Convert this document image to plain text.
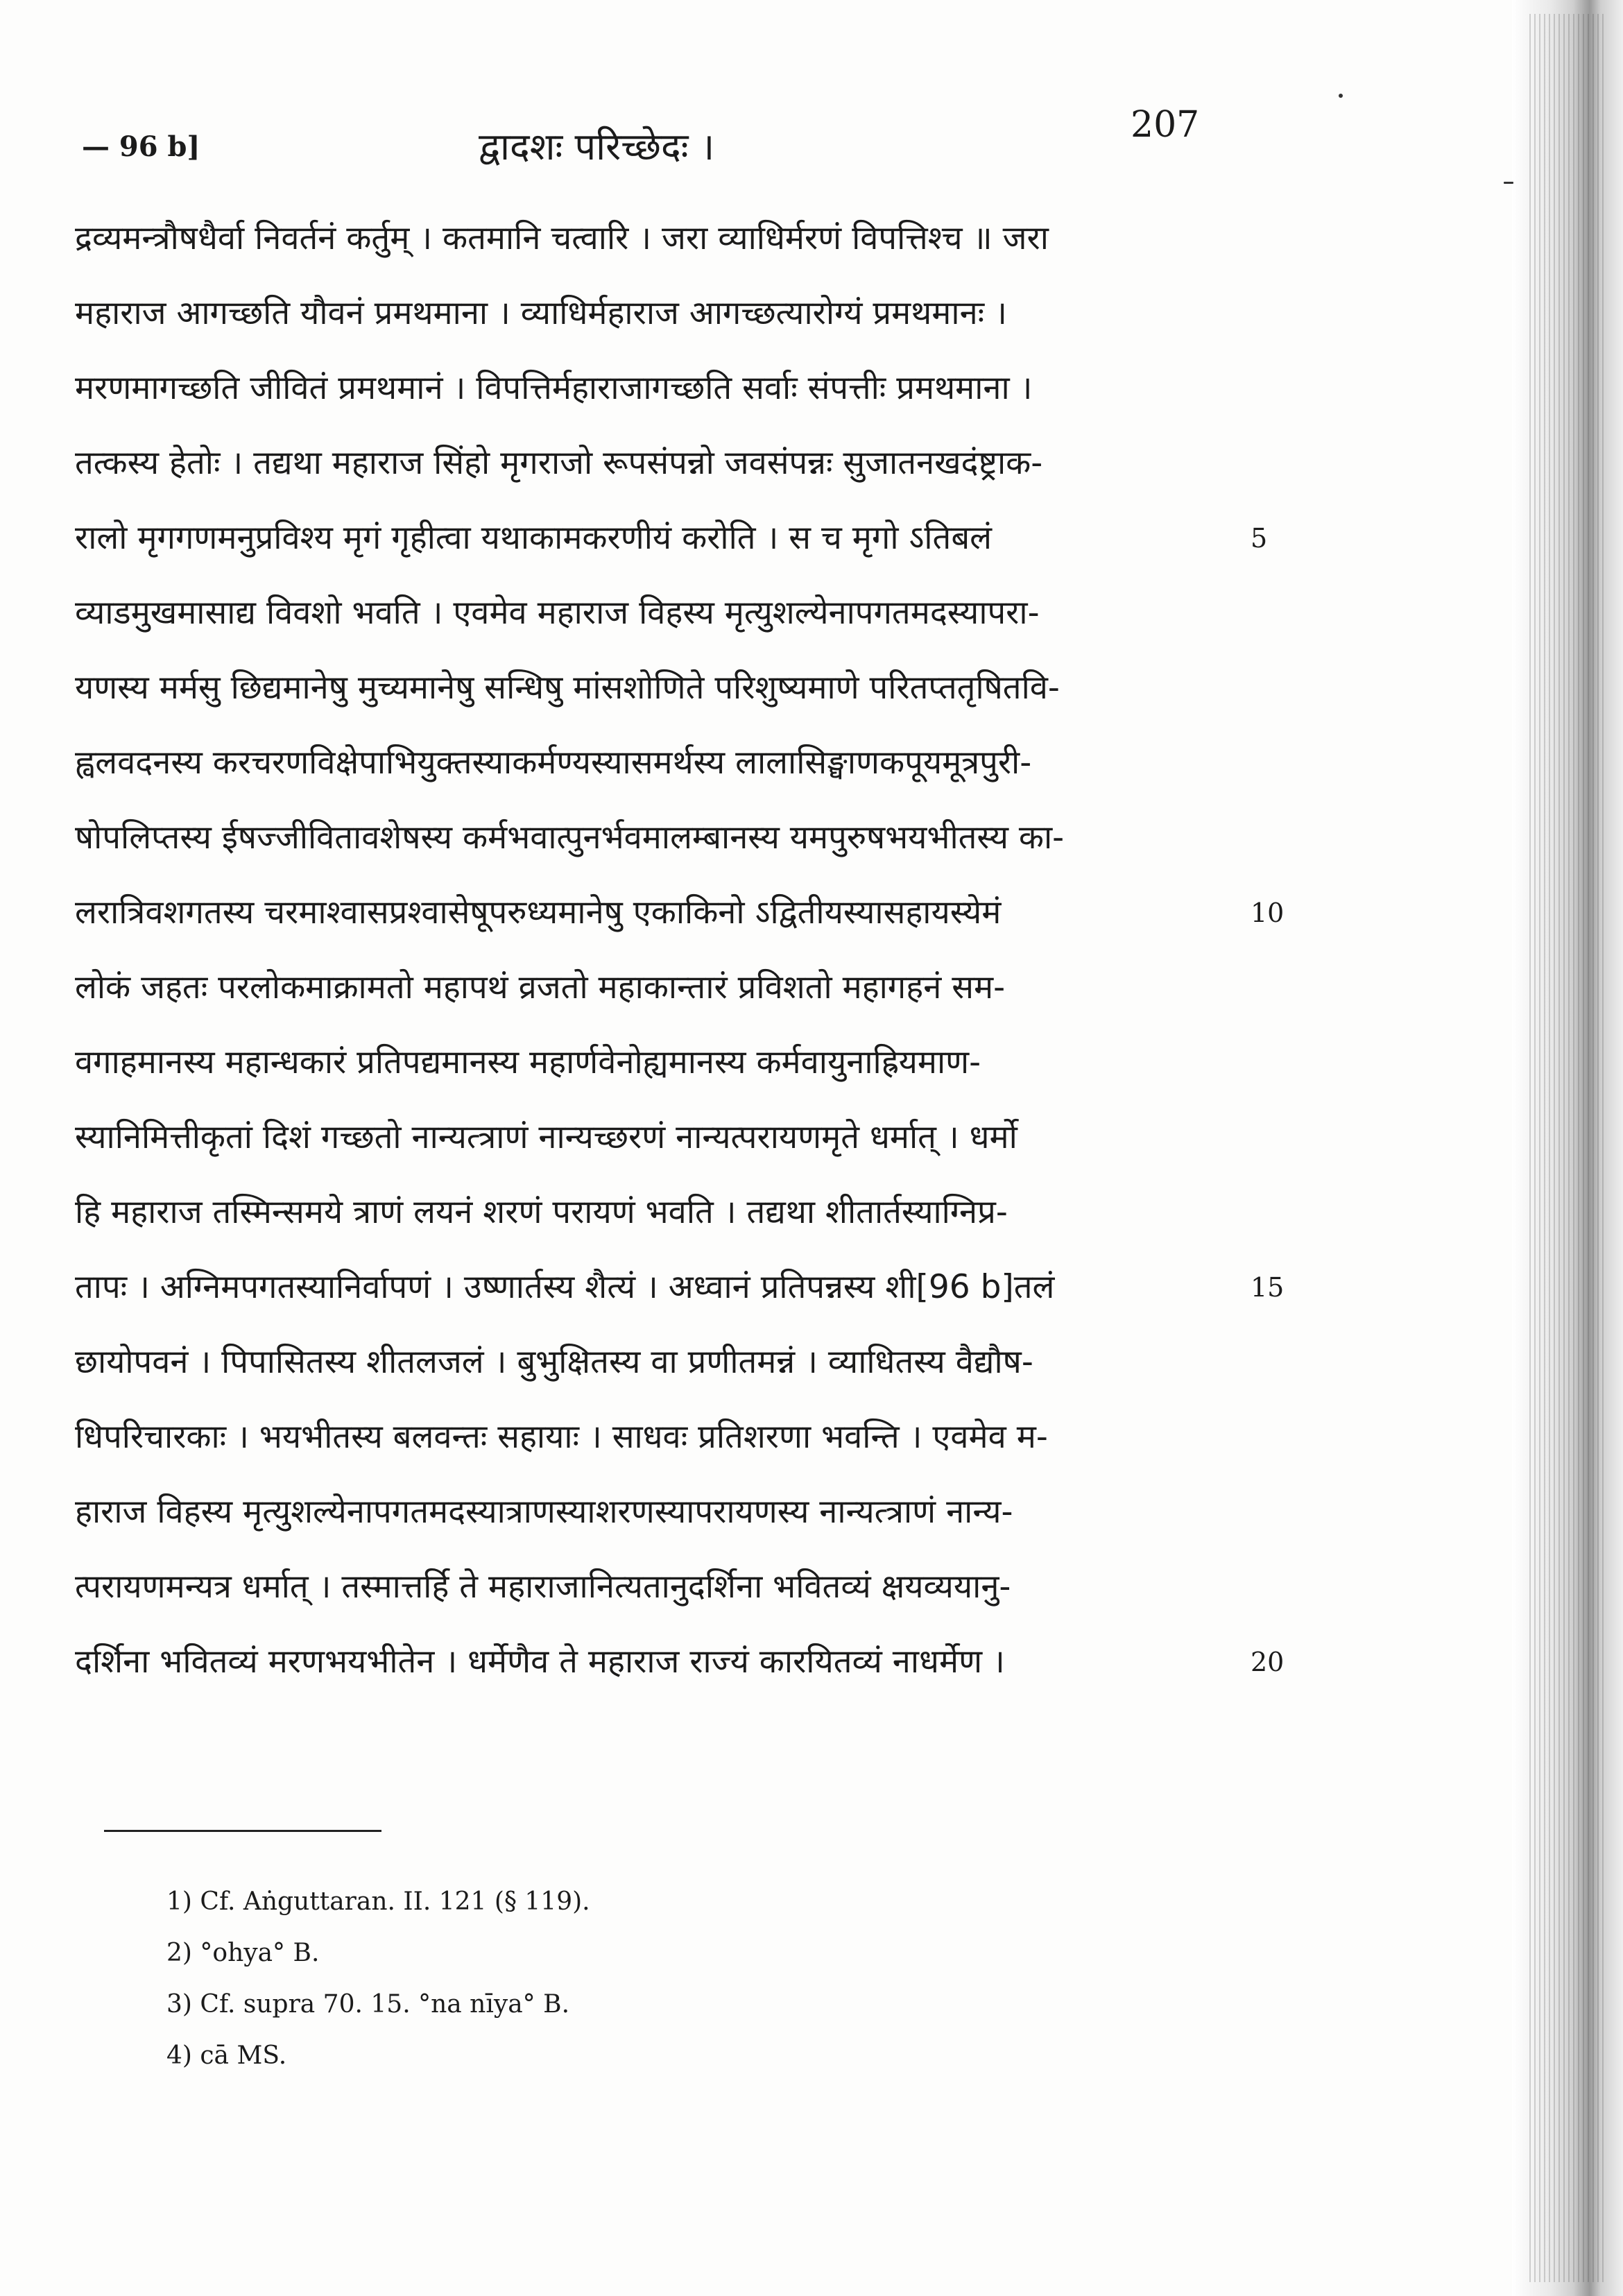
— 96 b]	द्वादशः परिच्छेदः ।	207
द्रव्यमन्त्रौषधैर्वा निवर्तनं कर्तुम् । कतमानि चत्वारि । जरा व्याधिर्मरणं विपत्तिश्च ॥ जरा
महाराज आगच्छति यौवनं प्रमथमाना । व्याधिर्महाराज आगच्छत्यारोग्यं प्रमथमानः ।
मरणमागच्छति जीवितं प्रमथमानं । विपत्तिर्महाराजागच्छति सर्वाः संपत्तीः प्रमथमाना ।
तत्कस्य हेतोः । तद्यथा महाराज सिंहो मृगराजो रूपसंपन्नो जवसंपन्नः सुजातनखदंष्ट्राक-
रालो मृगगणमनुप्रविश्य मृगं गृहीत्वा यथाकामकरणीयं करोति । स च मृगो ऽतिबलं	5
व्याडमुखमासाद्य विवशो भवति । एवमेव महाराज विहस्य मृत्युशल्येनापगतमदस्यापरा-
यणस्य मर्मसु छिद्यमानेषु मुच्यमानेषु सन्धिषु मांसशोणिते परिशुष्यमाणे परितप्ततृषितवि-
ह्वलवदनस्य करचरणविक्षेपाभियुक्तस्याकर्मण्यस्यासमर्थस्य लालासिङ्घाणकपूयमूत्रपुरी-
षोपलिप्तस्य ईषज्जीवितावशेषस्य कर्मभवात्पुनर्भवमालम्बानस्य यमपुरुषभयभीतस्य का-
लरात्रिवशगतस्य चरमाश्वासप्रश्वासेषूपरुध्यमानेषु एकाकिनो ऽद्वितीयस्यासहायस्येमं	10
लोकं जहतः परलोकमाक्रामतो महापथं व्रजतो महाकान्तारं प्रविशतो महागहनं सम-
वगाहमानस्य महान्धकारं प्रतिपद्यमानस्य महार्णवेनोह्यमानस्य कर्मवायुनाह्रियमाण-
स्यानिमित्तीकृतां दिशं गच्छतो नान्यत्त्राणं नान्यच्छरणं नान्यत्परायणमृते धर्मात् । धर्मो
हि महाराज तस्मिन्समये त्राणं लयनं शरणं परायणं भवति । तद्यथा शीतार्तस्याग्निप्र-
तापः । अग्निमपगतस्यानिर्वापणं । उष्णार्तस्य शैत्यं । अध्वानं प्रतिपन्नस्य शी[96 b]तलं	15
छायोपवनं । पिपासितस्य शीतलजलं । बुभुक्षितस्य वा प्रणीतमन्नं । व्याधितस्य वैद्यौष-
धिपरिचारकाः । भयभीतस्य बलवन्तः सहायाः । साधवः प्रतिशरणा भवन्ति । एवमेव म-
हाराज विहस्य मृत्युशल्येनापगतमदस्यात्राणस्याशरणस्यापरायणस्य नान्यत्त्राणं नान्य-
त्परायणमन्यत्र धर्मात् । तस्मात्तर्हि ते महाराजानित्यतानुदर्शिना भवितव्यं क्षयव्ययानु-
दर्शिना भवितव्यं मरणभयभीतेन । धर्मेणैव ते महाराज राज्यं कारयितव्यं नाधर्मेण ।	20
1) Cf. Aṅguttaran. II. 121 (§ 119).
2) °ohya° B.
3) Cf. supra 70. 15. °na nīya° B.
4) cā MS.
